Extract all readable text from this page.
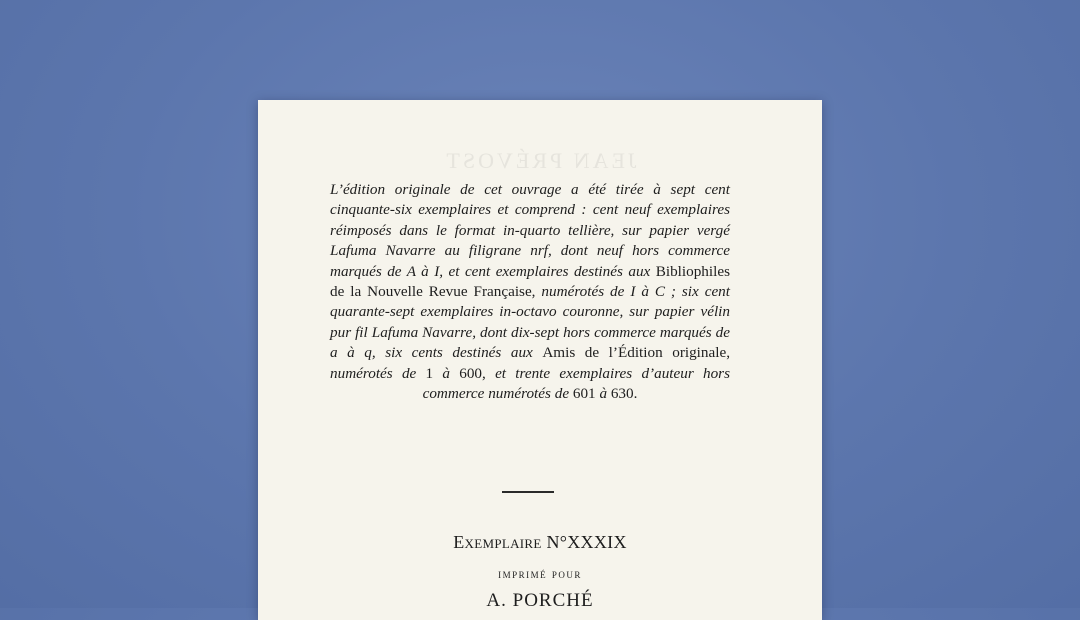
JEAN PRÉVOST

L’édition originale de cet ouvrage a été tirée à sept cent cinquante-six exemplaires et comprend : cent neuf exemplaires réimposés dans le format in-quarto tellière, sur papier vergé Lafuma Navarre au filigrane nrf, dont neuf hors commerce marqués de A à I, et cent exemplaires destinés aux Bibliophiles de la Nouvelle Revue Française, numérotés de I à C ; six cent quarante-sept exemplaires in-octavo couronne, sur papier vélin pur fil Lafuma Navarre, dont dix-sept hors commerce marqués de a à q, six cents destinés aux Amis de l’Édition originale, numérotés de 1 à 600, et trente exemplaires d’auteur hors commerce numérotés de 601 à 630.

Exemplaire N°XXXIX
imprimé pour
A. PORCHÉ
